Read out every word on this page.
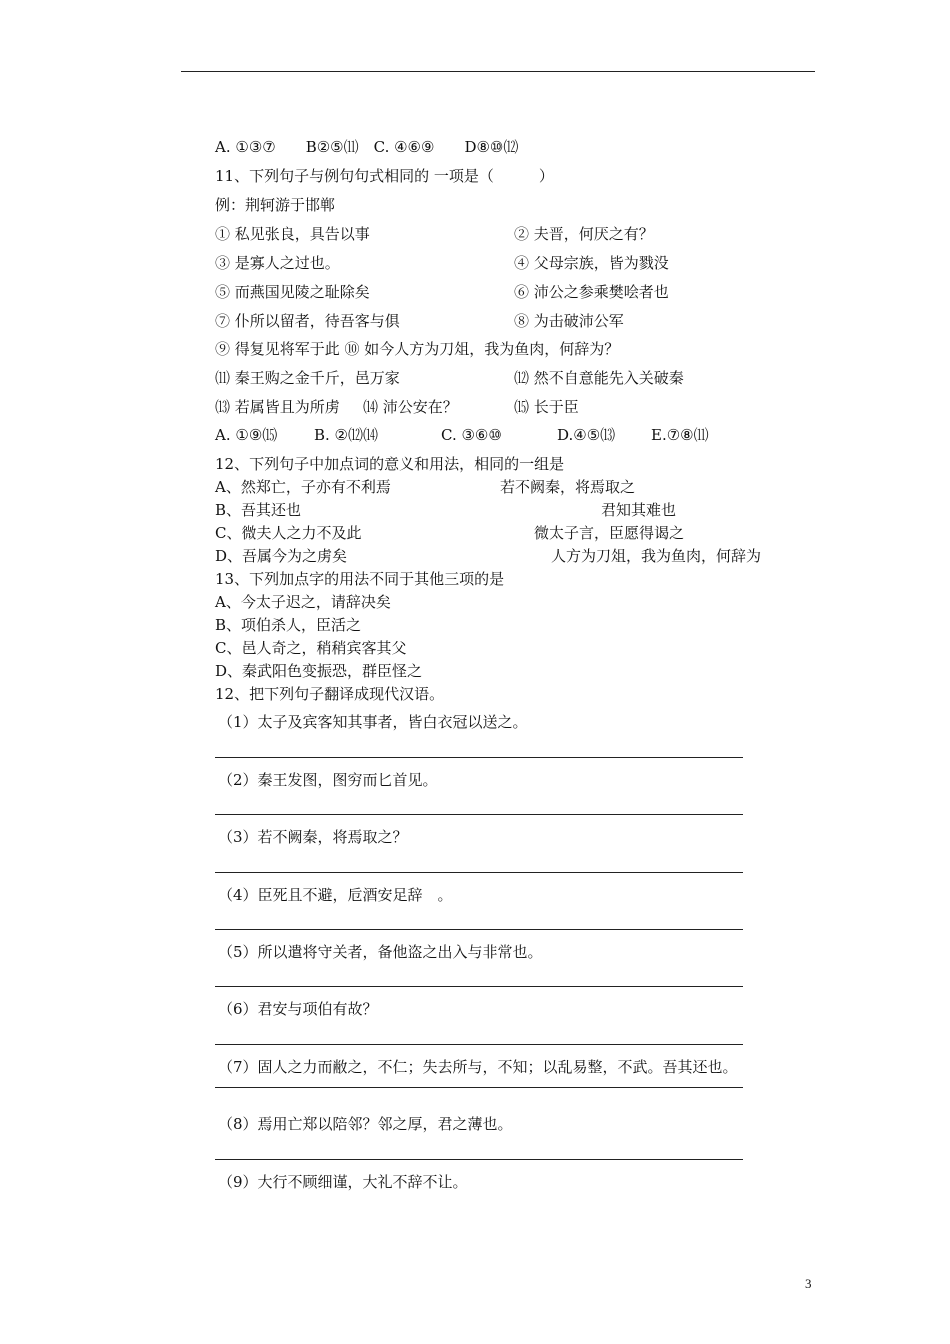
A. ①③⑦　　B②⑤⑾　C. ④⑥⑨　　D⑧⑩⑿
11、下列句子与例句句式相同的 一项是（　　　）
例：荆轲游于邯郸
① 私见张良，具告以事	② 夫晋，何厌之有？
③ 是寡人之过也。	④ 父母宗族，皆为戮没
⑤ 而燕国见陵之耻除矣	⑥ 沛公之参乘樊哙者也
⑦ 仆所以留者，待吾客与俱	⑧ 为击破沛公军
⑨ 得复见将军于此 ⑩ 如今人方为刀俎，我为鱼肉，何辞为？
⑾ 秦王购之金千斤，邑万家	⑿ 然不自意能先入关破秦
⒀ 若属皆且为所虏 ⒁ 沛公安在？	⒂ 长于臣
A. ①⑨⒂ B. ②⑿⒁	C. ③⑥⑩	D.④⑤⒀ E.⑦⑧⑾
12、下列句子中加点词的意义和用法，相同的一组是
A、然郑亡，子亦有不利焉	若不阙秦，将焉取之
B、吾其还也	君知其难也
C、微夫人之力不及此	微太子言，臣愿得谒之
D、吾属今为之虏矣	人方为刀俎，我为鱼肉，何辞为
13、下列加点字的用法不同于其他三项的是
A、今太子迟之，请辞决矣
B、项伯杀人，臣活之
C、邑人奇之，稍稍宾客其父
D、秦武阳色变振恐，群臣怪之
12、把下列句子翻译成现代汉语。
（1）太子及宾客知其事者，皆白衣冠以送之。
（2）秦王发图，图穷而匕首见。
（3）若不阙秦，将焉取之？
（4）臣死且不避，卮酒安足辞　。
（5）所以遣将守关者，备他盗之出入与非常也。
（6）君安与项伯有故？
（7）固人之力而敝之，不仁；失去所与，不知；以乱易整，不武。吾其还也。
（8）焉用亡郑以陪邻？邻之厚，君之薄也。
（9）大行不顾细谨，大礼不辞不让。
3
